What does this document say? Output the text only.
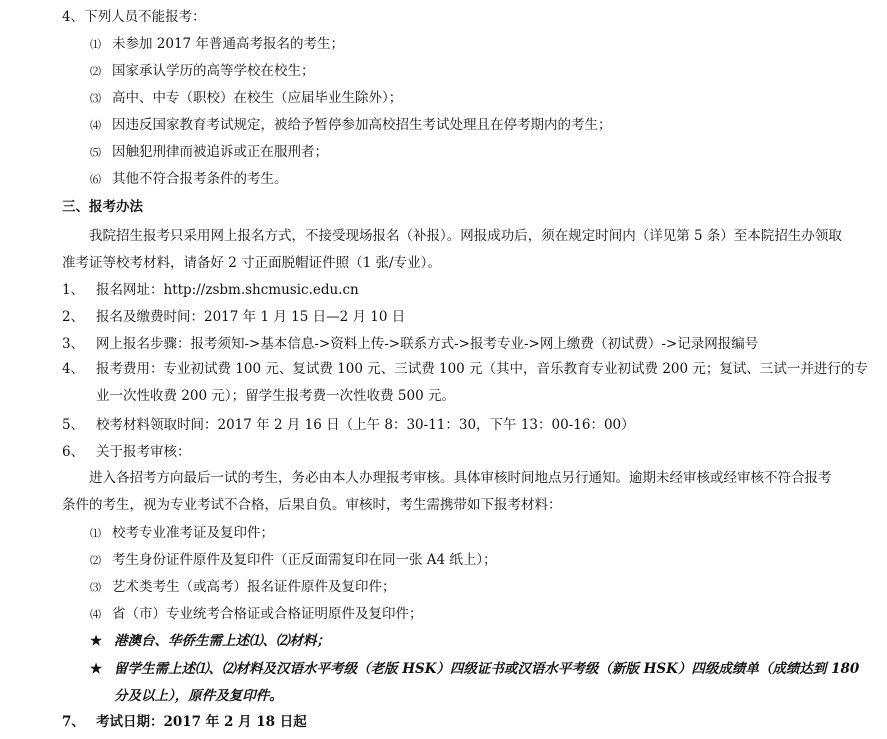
4、下列人员不能报考：
⑴ 未参加 2017 年普通高考报名的考生；
⑵ 国家承认学历的高等学校在校生；
⑶ 高中、中专（职校）在校生（应届毕业生除外）；
⑷ 因违反国家教育考试规定，被给予暂停参加高校招生考试处理且在停考期内的考生；
⑸ 因触犯刑律而被追诉或正在服刑者；
⑹ 其他不符合报考条件的考生。
三、报考办法
我院招生报考只采用网上报名方式，不接受现场报名（补报）。网报成功后，须在规定时间内（详见第 5 条）至本院招生办领取准考证等校考材料，请备好 2 寸正面脱帽证件照（1 张/专业）。
1、 报名网址：http://zsbm.shcmusic.edu.cn
2、 报名及缴费时间：2017 年 1 月 15 日—2 月 10 日
3、 网上报名步骤：报考须知->基本信息->资料上传->联系方式->报考专业->网上缴费（初试费）->记录网报编号
4、 报考费用：专业初试费 100 元、复试费 100 元、三试费 100 元（其中，音乐教育专业初试费 200 元；复试、三试一并进行的专业一次性收费 200 元）；留学生报考费一次性收费 500 元。
5、 校考材料领取时间：2017 年 2 月 16 日（上午 8：30-11：30，下午 13：00-16：00）
6、 关于报考审核：
进入各招考方向最后一试的考生，务必由本人办理报考审核。具体审核时间地点另行通知。逾期未经审核或经审核不符合报考条件的考生，视为专业考试不合格，后果自负。审核时，考生需携带如下报考材料：
⑴ 校考专业准考证及复印件；
⑵ 考生身份证件原件及复印件（正反面需复印在同一张 A4 纸上）；
⑶ 艺术类考生（或高考）报名证件原件及复印件；
⑷ 省（市）专业统考合格证或合格证明原件及复印件；
★ 港澳台、华侨生需上述⑴、⑵材料；
★ 留学生需上述⑴、⑵材料及汉语水平考级（老版 HSK）四级证书或汉语水平考级（新版 HSK）四级成绩单（成绩达到 180 分及以上），原件及复印件。
7、 考试日期：2017 年 2 月 18 日起
